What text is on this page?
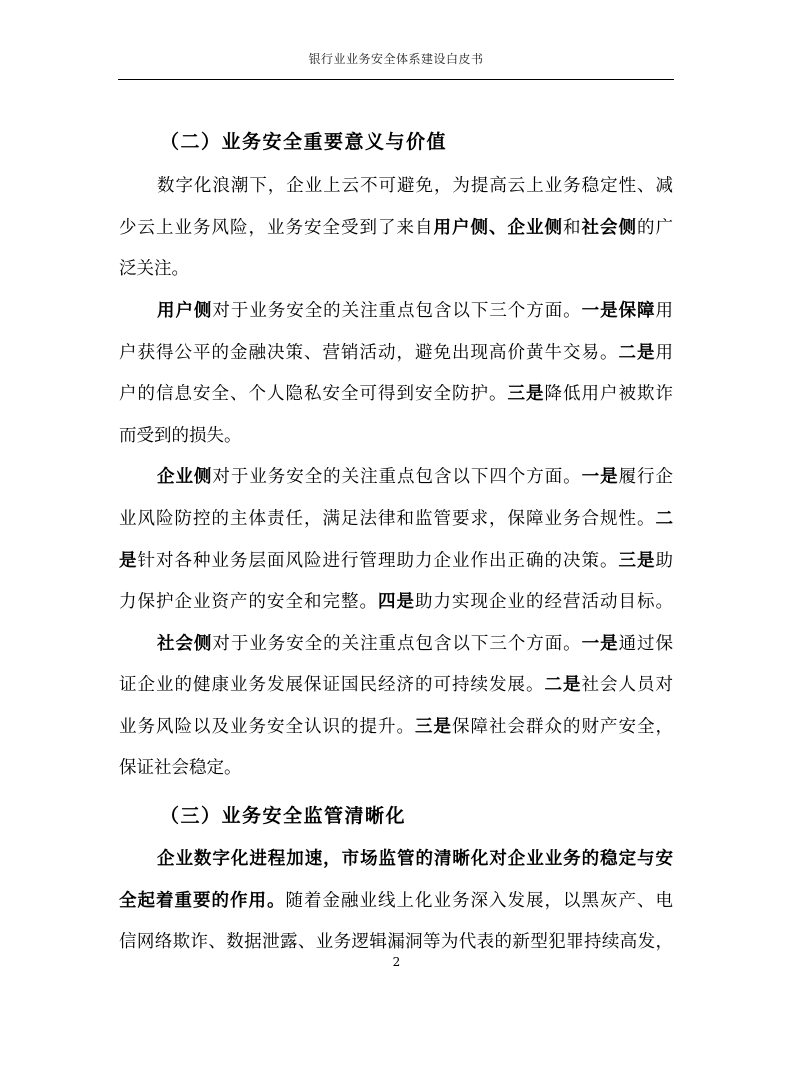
银行业业务安全体系建设白皮书
（二）业务安全重要意义与价值
数字化浪潮下，企业上云不可避免，为提高云上业务稳定性、减
少云上业务风险，业务安全受到了来自用户侧、企业侧和社会侧的广
泛关注。
用户侧对于业务安全的关注重点包含以下三个方面。一是保障用
户获得公平的金融决策、营销活动，避免出现高价黄牛交易。二是用
户的信息安全、个人隐私安全可得到安全防护。三是降低用户被欺诈
而受到的损失。
企业侧对于业务安全的关注重点包含以下四个方面。一是履行企
业风险防控的主体责任，满足法律和监管要求，保障业务合规性。二
是针对各种业务层面风险进行管理助力企业作出正确的决策。三是助
力保护企业资产的安全和完整。四是助力实现企业的经营活动目标。
社会侧对于业务安全的关注重点包含以下三个方面。一是通过保
证企业的健康业务发展保证国民经济的可持续发展。二是社会人员对
业务风险以及业务安全认识的提升。三是保障社会群众的财产安全，
保证社会稳定。
（三）业务安全监管清晰化
企业数字化进程加速，市场监管的清晰化对企业业务的稳定与安
全起着重要的作用。随着金融业线上化业务深入发展，以黑灰产、电
信网络欺诈、数据泄露、业务逻辑漏洞等为代表的新型犯罪持续高发，
2
